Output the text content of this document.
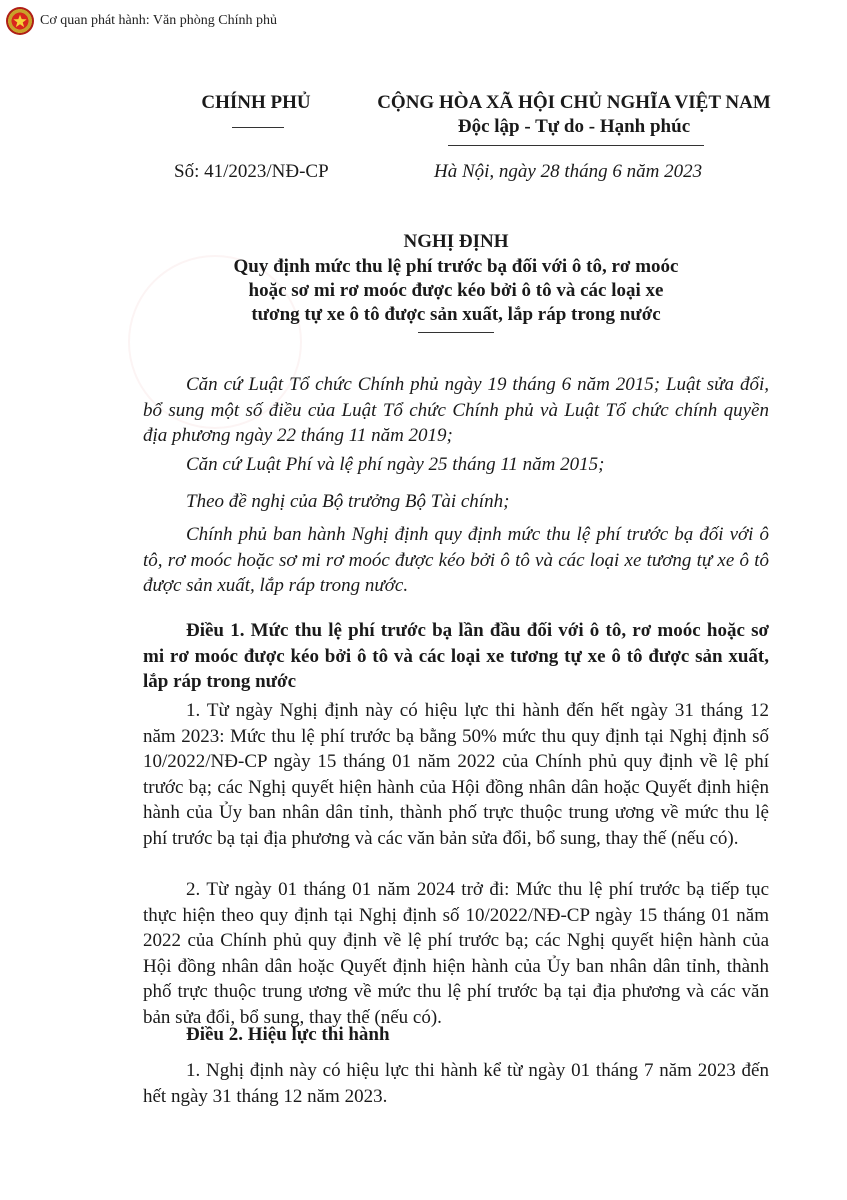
Cơ quan phát hành: Văn phòng Chính phủ
CHÍNH PHỦ	CỘNG HÒA XÃ HỘI CHỦ NGHĨA VIỆT NAM
Độc lập - Tự do - Hạnh phúc
Số: 41/2023/NĐ-CP	Hà Nội, ngày 28 tháng 6 năm 2023
NGHỊ ĐỊNH
Quy định mức thu lệ phí trước bạ đối với ô tô, rơ moóc
hoặc sơ mi rơ moóc được kéo bởi ô tô và các loại xe
tương tự xe ô tô được sản xuất, lắp ráp trong nước
Căn cứ Luật Tổ chức Chính phủ ngày 19 tháng 6 năm 2015; Luật sửa đổi, bổ sung một số điều của Luật Tổ chức Chính phủ và Luật Tổ chức chính quyền địa phương ngày 22 tháng 11 năm 2019;
Căn cứ Luật Phí và lệ phí ngày 25 tháng 11 năm 2015;
Theo đề nghị của Bộ trưởng Bộ Tài chính;
Chính phủ ban hành Nghị định quy định mức thu lệ phí trước bạ đối với ô tô, rơ moóc hoặc sơ mi rơ moóc được kéo bởi ô tô và các loại xe tương tự xe ô tô được sản xuất, lắp ráp trong nước.
Điều 1. Mức thu lệ phí trước bạ lần đầu đối với ô tô, rơ moóc hoặc sơ mi rơ moóc được kéo bởi ô tô và các loại xe tương tự xe ô tô được sản xuất, lắp ráp trong nước
1. Từ ngày Nghị định này có hiệu lực thi hành đến hết ngày 31 tháng 12 năm 2023: Mức thu lệ phí trước bạ bằng 50% mức thu quy định tại Nghị định số 10/2022/NĐ-CP ngày 15 tháng 01 năm 2022 của Chính phủ quy định về lệ phí trước bạ; các Nghị quyết hiện hành của Hội đồng nhân dân hoặc Quyết định hiện hành của Ủy ban nhân dân tỉnh, thành phố trực thuộc trung ương về mức thu lệ phí trước bạ tại địa phương và các văn bản sửa đổi, bổ sung, thay thế (nếu có).
2. Từ ngày 01 tháng 01 năm 2024 trở đi: Mức thu lệ phí trước bạ tiếp tục thực hiện theo quy định tại Nghị định số 10/2022/NĐ-CP ngày 15 tháng 01 năm 2022 của Chính phủ quy định về lệ phí trước bạ; các Nghị quyết hiện hành của Hội đồng nhân dân hoặc Quyết định hiện hành của Ủy ban nhân dân tỉnh, thành phố trực thuộc trung ương về mức thu lệ phí trước bạ tại địa phương và các văn bản sửa đổi, bổ sung, thay thế (nếu có).
Điều 2. Hiệu lực thi hành
1. Nghị định này có hiệu lực thi hành kể từ ngày 01 tháng 7 năm 2023 đến hết ngày 31 tháng 12 năm 2023.
